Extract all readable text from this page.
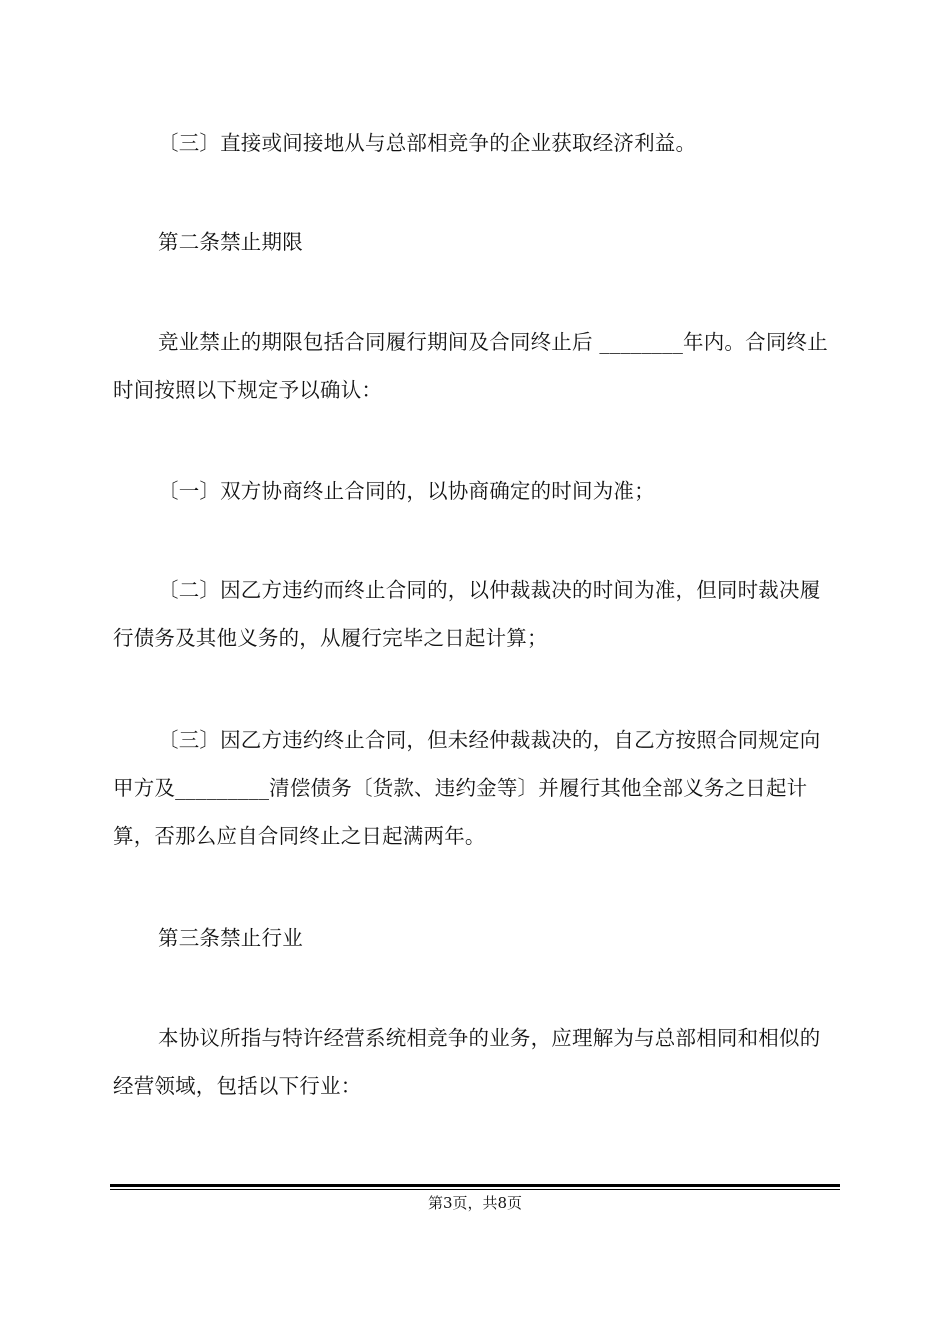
〔三〕直接或间接地从与总部相竞争的企业获取经济利益。

第二条禁止期限

竞业禁止的期限包括合同履行期间及合同终止后 ________年内。合同终止时间按照以下规定予以确认：

〔一〕双方协商终止合同的，以协商确定的时间为准；

〔二〕因乙方违约而终止合同的，以仲裁裁决的时间为准，但同时裁决履行债务及其他义务的，从履行完毕之日起计算；

〔三〕因乙方违约终止合同，但未经仲裁裁决的，自乙方按照合同规定向甲方及_________清偿债务〔货款、违约金等〕并履行其他全部义务之日起计算，否那么应自合同终止之日起满两年。

第三条禁止行业

本协议所指与特许经营系统相竞争的业务，应理解为与总部相同和相似的经营领域，包括以下行业：

第3页，共8页
